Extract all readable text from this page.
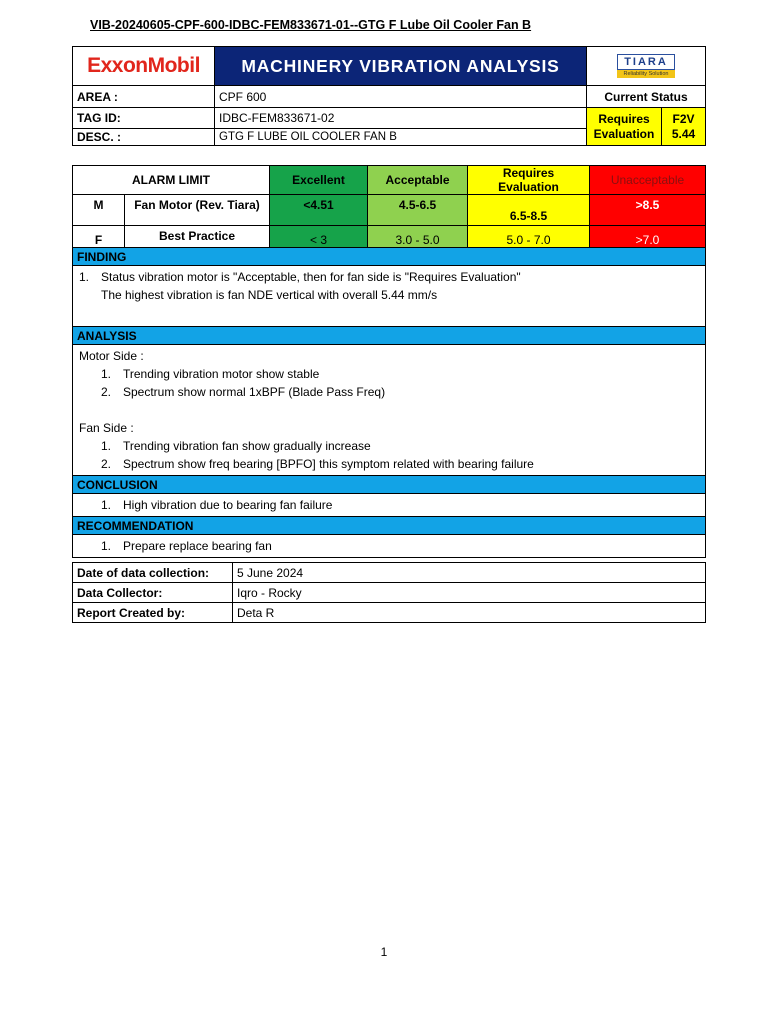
VIB-20240605-CPF-600-IDBC-FEM833671-01--GTG F Lube Oil Cooler Fan B
ExxonMobil	MACHINERY VIBRATION ANALYSIS	TIARA
Reliability Solution	

AREA :	CPF 600	Current Status	
TAG ID:	IDBC-FEM833671-02	Requires Evaluation	F2V
5.44

DESC. :	GTG F LUBE OIL COOLER FAN B		
ALARM LIMIT		Excellent	Acceptable	Requires Evaluation	Unacceptable
M	Fan Motor (Rev. Tiara)	<4.51	4.5-6.5	6.5-8.5	>8.5
F	Best Practice	< 3	3.0 - 5.0	5.0 - 7.0	>7.0
FINDING

1. Status vibration motor is "Acceptable, then for fan side is "Requires Evaluation"
The highest vibration is fan NDE vertical with overall 5.44 mm/s

ANALYSIS

Motor Side :
1. Trending vibration motor show stable
2. Spectrum show normal 1xBPF (Blade Pass Freq)

Fan Side :
1. Trending vibration fan show gradually increase
2. Spectrum show freq bearing [BPFO] this symptom related with bearing failure

CONCLUSION

1. High vibration due to bearing fan failure

RECOMMENDATION

1. Prepare replace bearing fan
Date of data collection:	5 June 2024
Data Collector:	Iqro - Rocky
Report Created by:	Deta R
1
